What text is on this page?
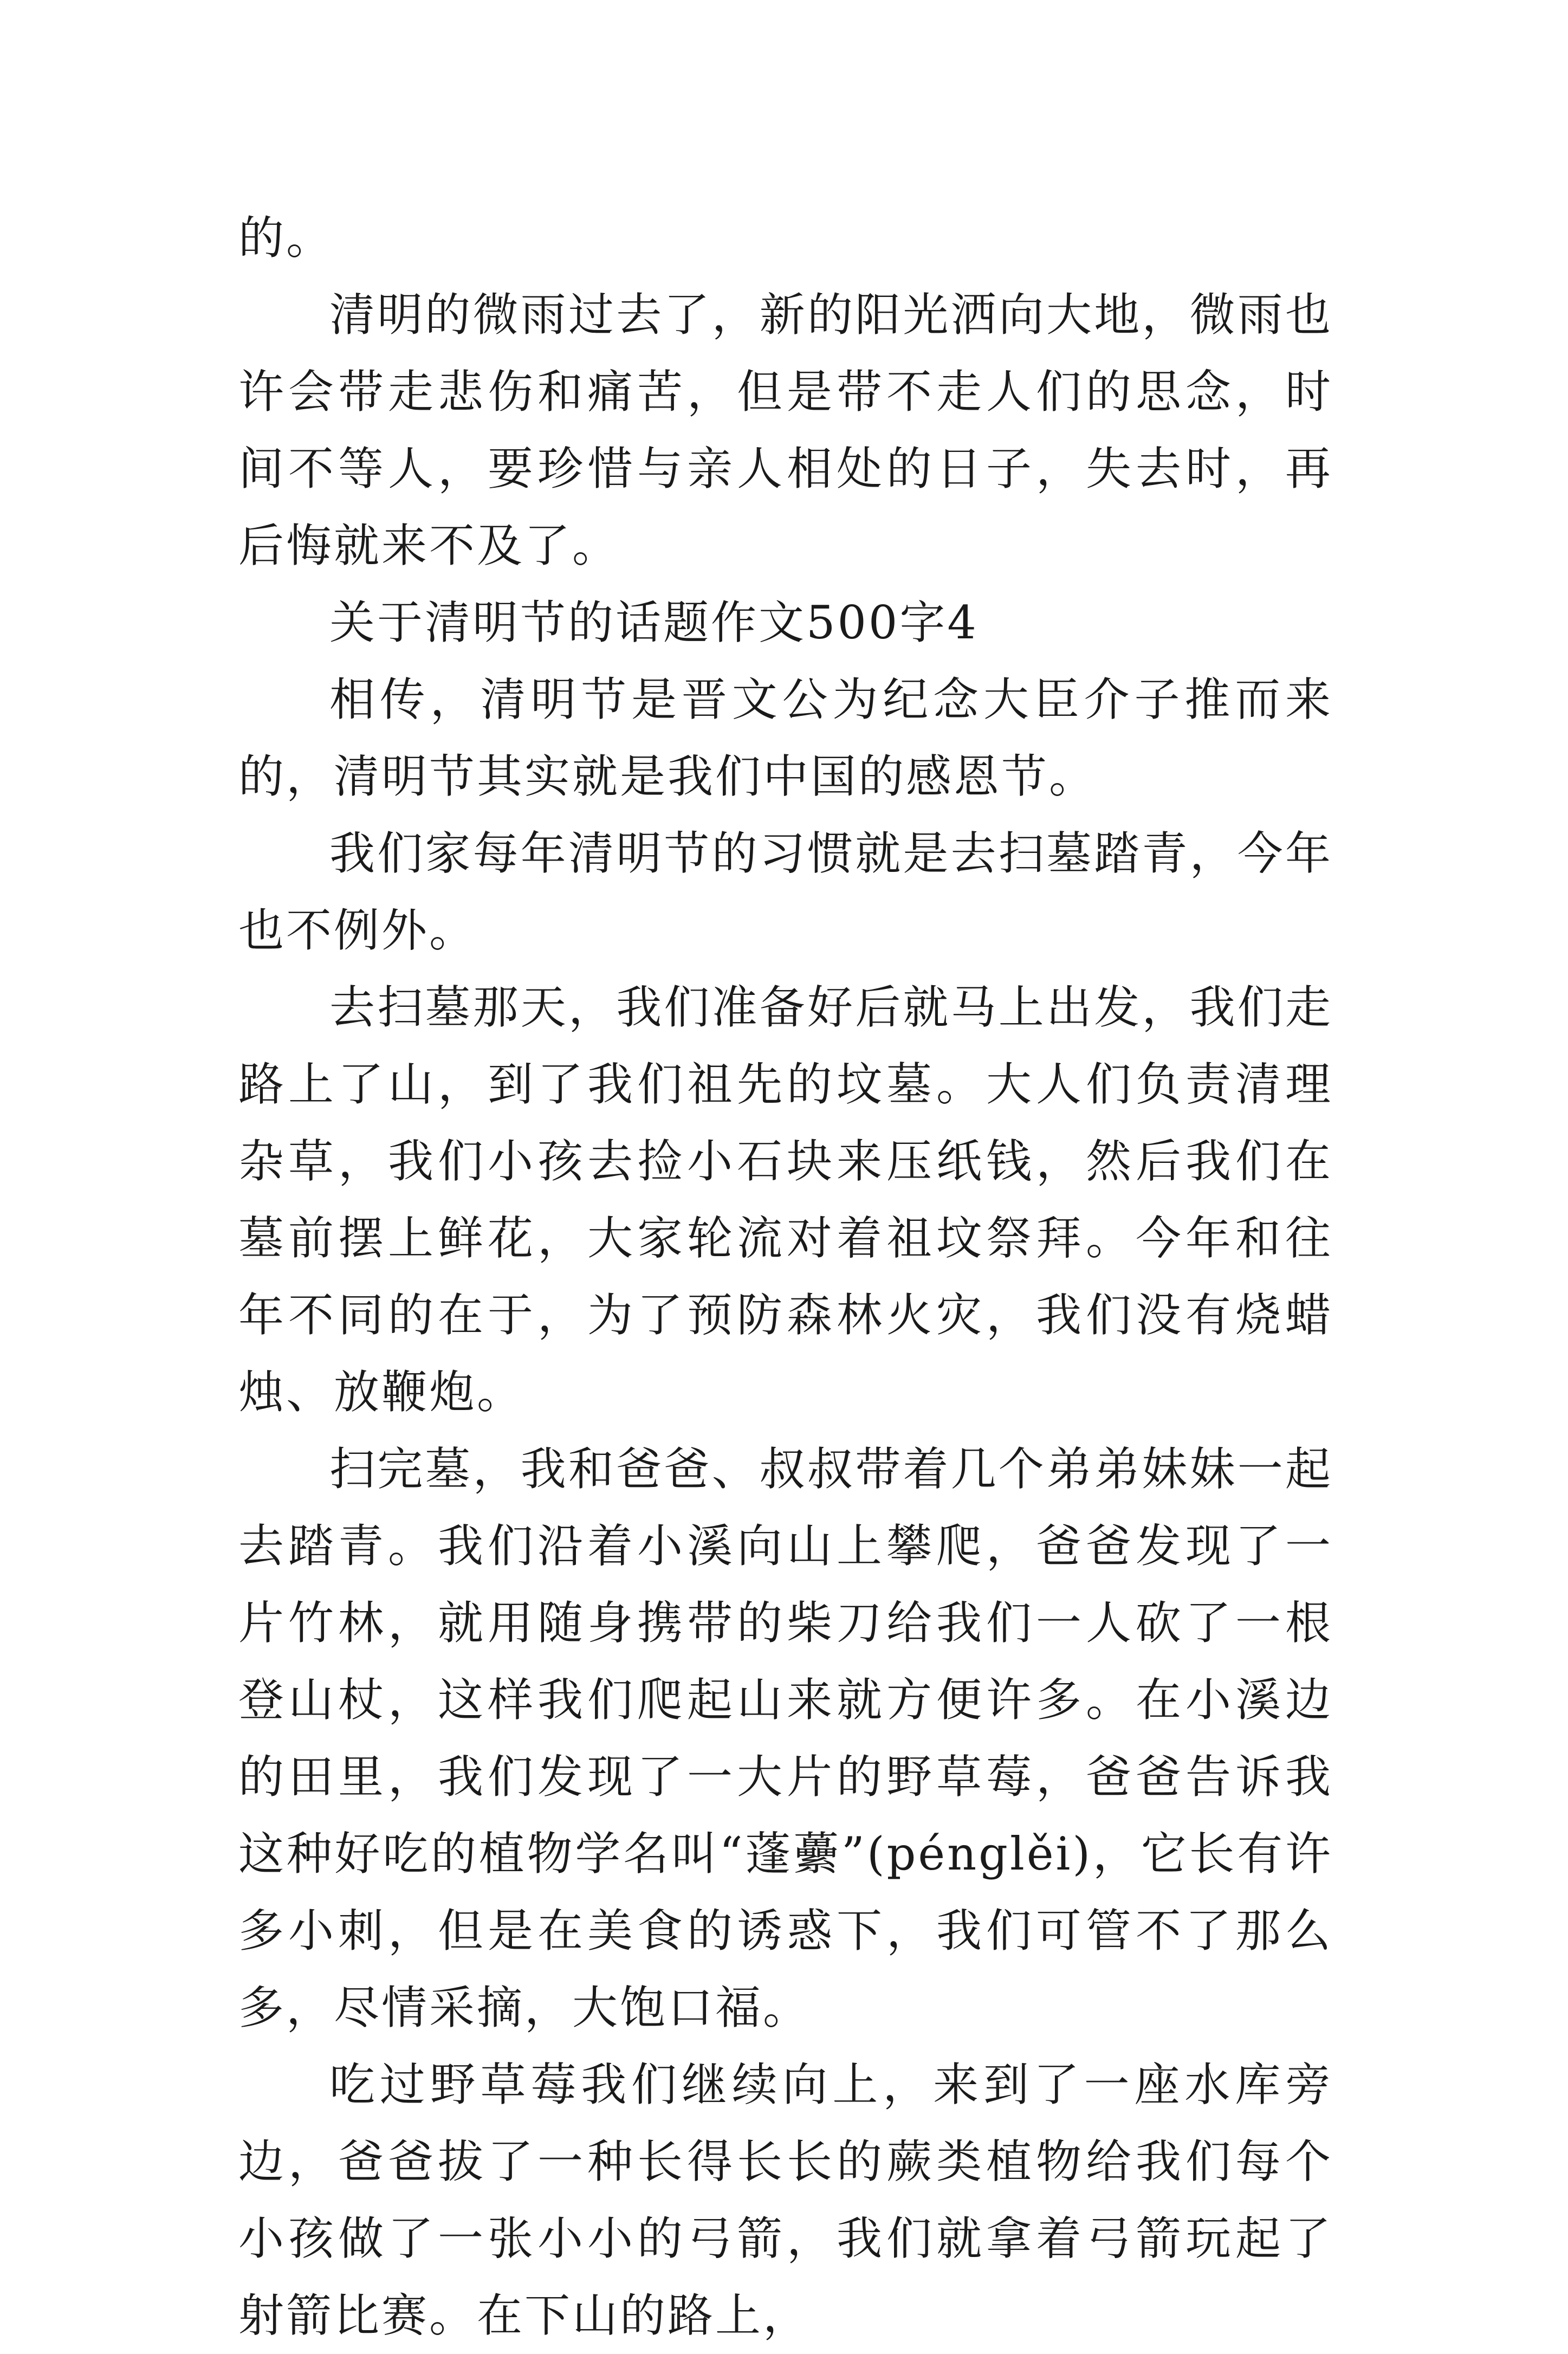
的。

清明的微雨过去了，新的阳光洒向大地，微雨也许会带走悲伤和痛苦，但是带不走人们的思念，时间不等人，要珍惜与亲人相处的日子，失去时，再后悔就来不及了。

关于清明节的话题作文500字4

相传，清明节是晋文公为纪念大臣介子推而来的，清明节其实就是我们中国的感恩节。

我们家每年清明节的习惯就是去扫墓踏青，今年也不例外。

去扫墓那天，我们准备好后就马上出发，我们走路上了山，到了我们祖先的坟墓。大人们负责清理杂草，我们小孩去捡小石块来压纸钱，然后我们在墓前摆上鲜花，大家轮流对着祖坟祭拜。今年和往年不同的在于，为了预防森林火灾，我们没有烧蜡烛、放鞭炮。

扫完墓，我和爸爸、叔叔带着几个弟弟妹妹一起去踏青。我们沿着小溪向山上攀爬，爸爸发现了一片竹林，就用随身携带的柴刀给我们一人砍了一根登山杖，这样我们爬起山来就方便许多。在小溪边的田里，我们发现了一大片的野草莓，爸爸告诉我这种好吃的植物学名叫“蓬虆”(pénglěi)，它长有许多小刺，但是在美食的诱惑下，我们可管不了那么多，尽情采摘，大饱口福。

吃过野草莓我们继续向上，来到了一座水库旁边，爸爸拔了一种长得长长的蕨类植物给我们每个小孩做了一张小小的弓箭，我们就拿着弓箭玩起了射箭比赛。在下山的路上，
